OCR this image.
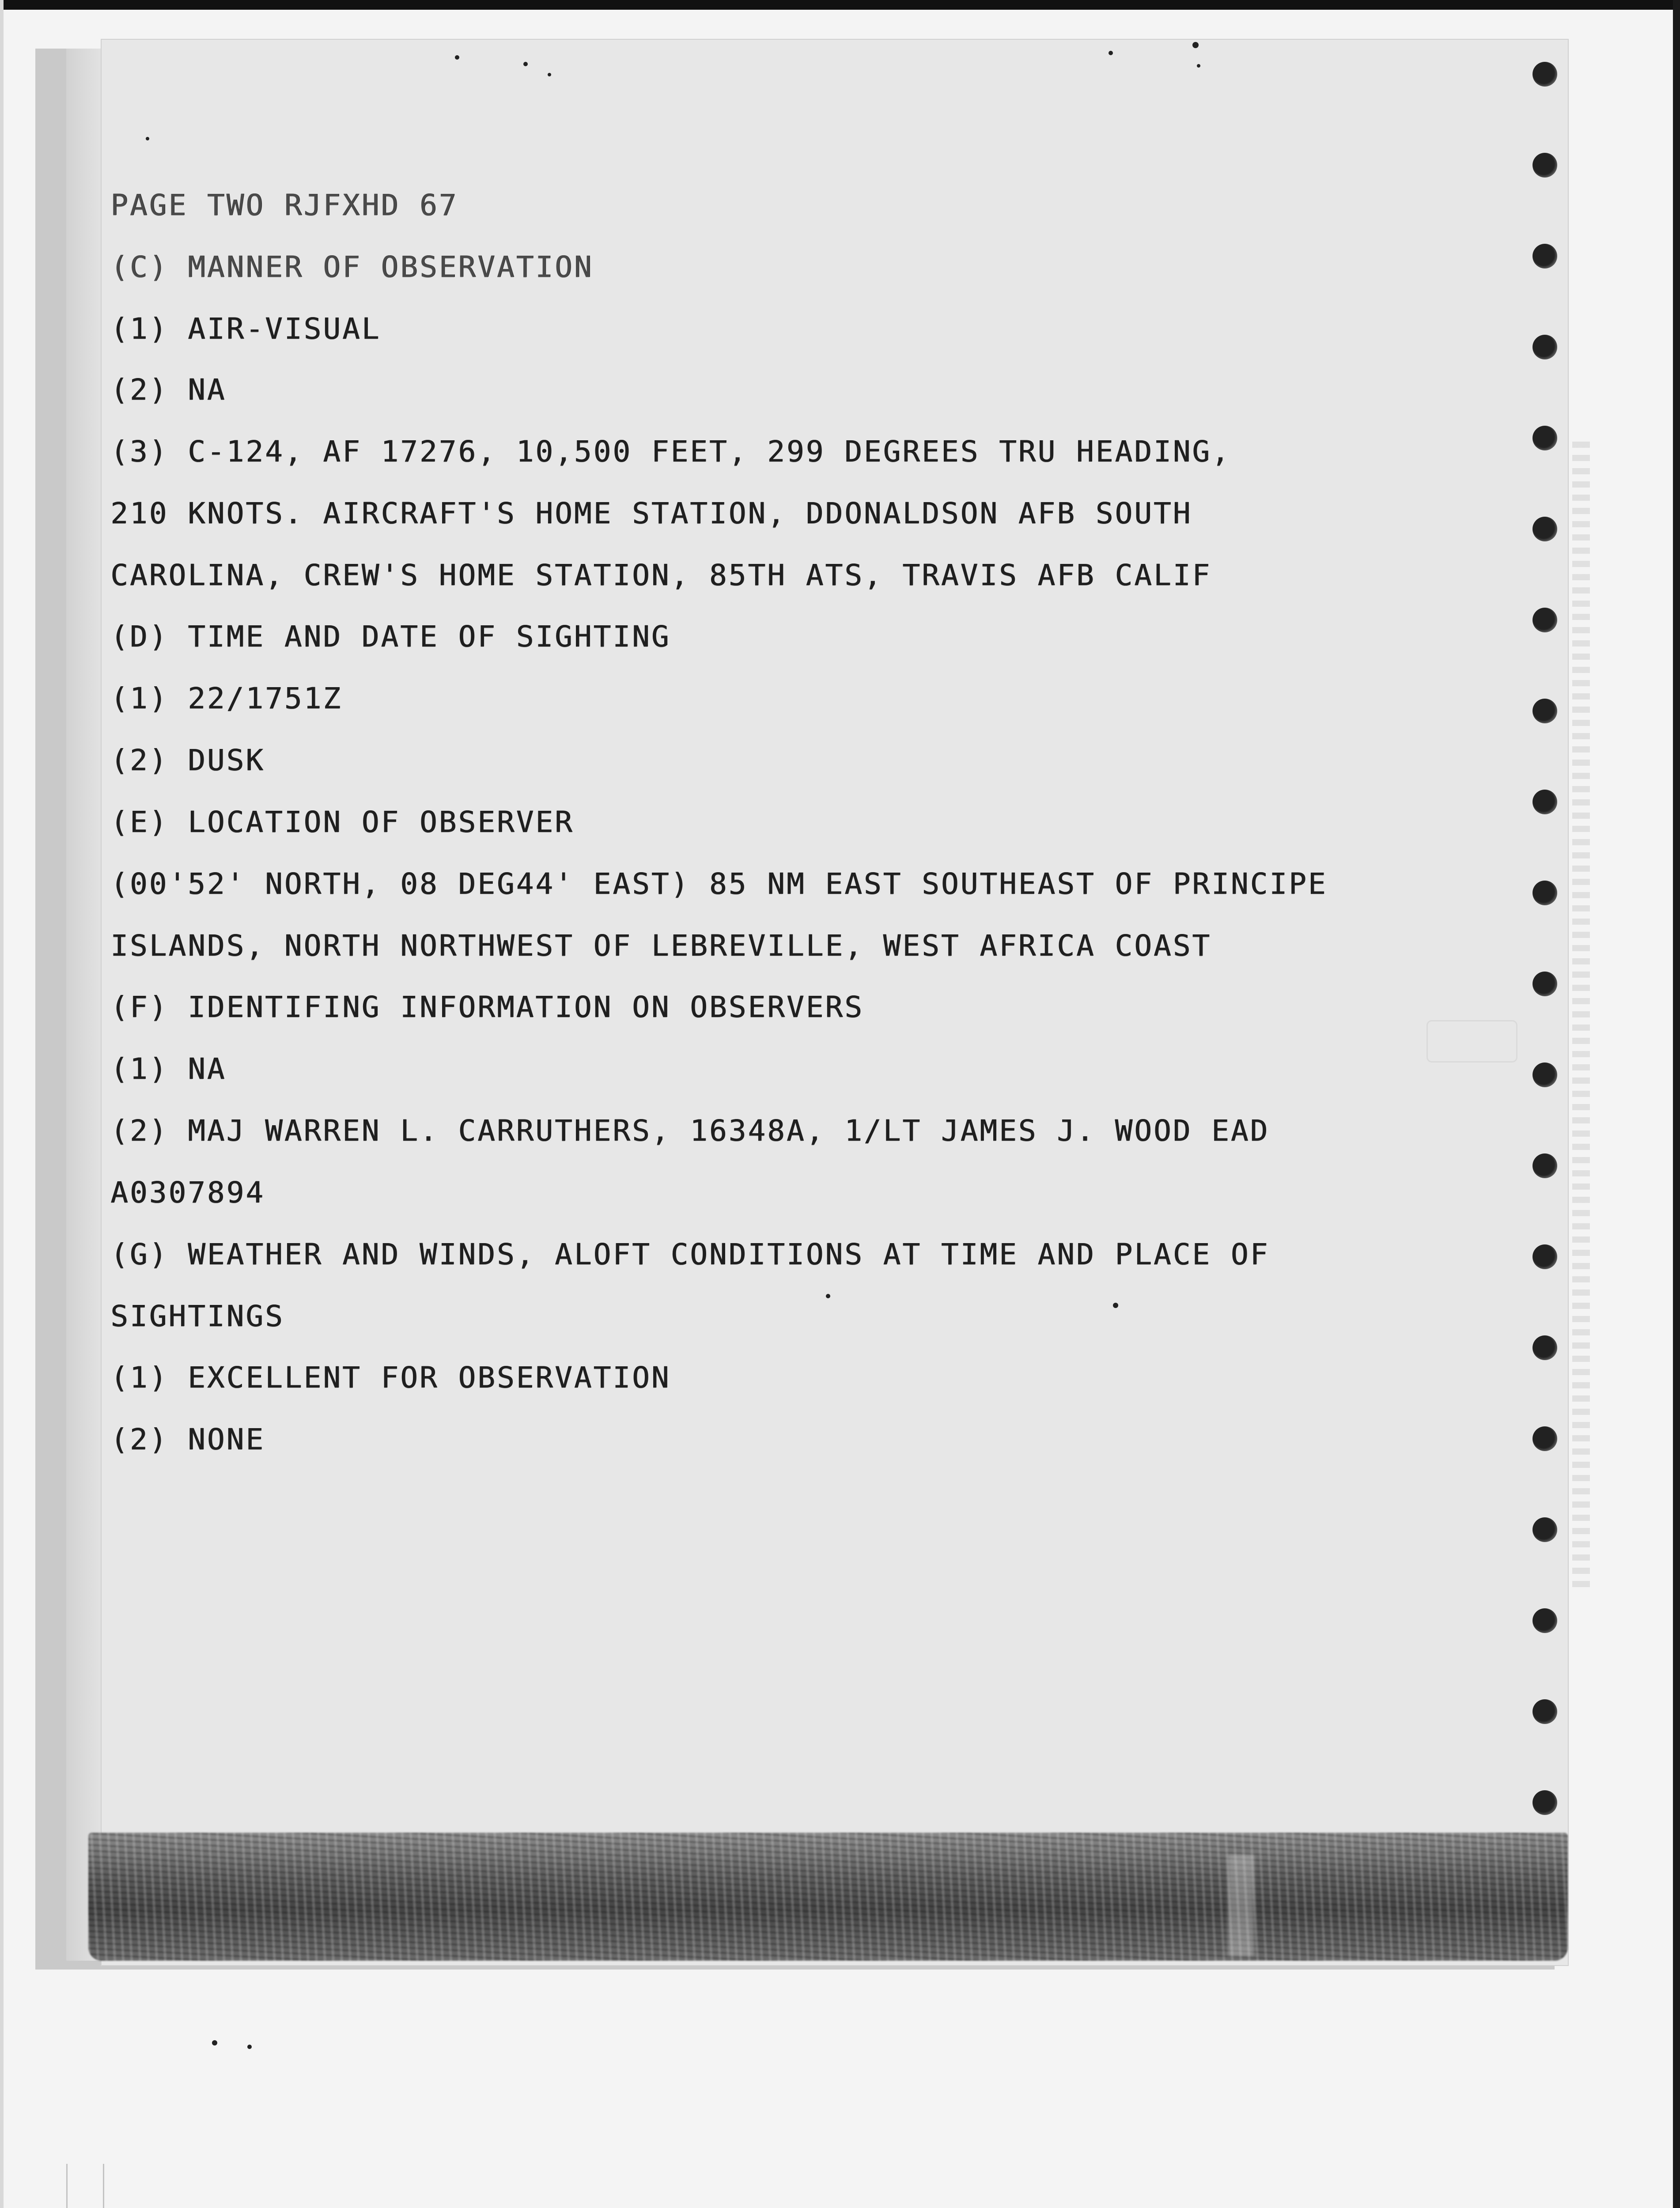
PAGE TWO RJFXHD 67
(C) MANNER OF OBSERVATION
(1) AIR-VISUAL
(2) NA
(3) C-124, AF 17276, 10,500 FEET, 299 DEGREES TRU HEADING,
210 KNOTS. AIRCRAFT'S HOME STATION, DDONALDSON AFB SOUTH
CAROLINA, CREW'S HOME STATION, 85TH ATS, TRAVIS AFB CALIF
(D) TIME AND DATE OF SIGHTING
(1) 22/1751Z
(2) DUSK
(E) LOCATION OF OBSERVER
(00'52' NORTH, 08 DEG44' EAST) 85 NM EAST SOUTHEAST OF PRINCIPE
ISLANDS, NORTH NORTHWEST OF LEBREVILLE, WEST AFRICA COAST
(F) IDENTIFING INFORMATION ON OBSERVERS
(1) NA
(2) MAJ WARREN L. CARRUTHERS, 16348A, 1/LT JAMES J. WOOD EAD
A0307894
(G) WEATHER AND WINDS, ALOFT CONDITIONS AT TIME AND PLACE OF
SIGHTINGS
(1) EXCELLENT FOR OBSERVATION
(2) NONE
